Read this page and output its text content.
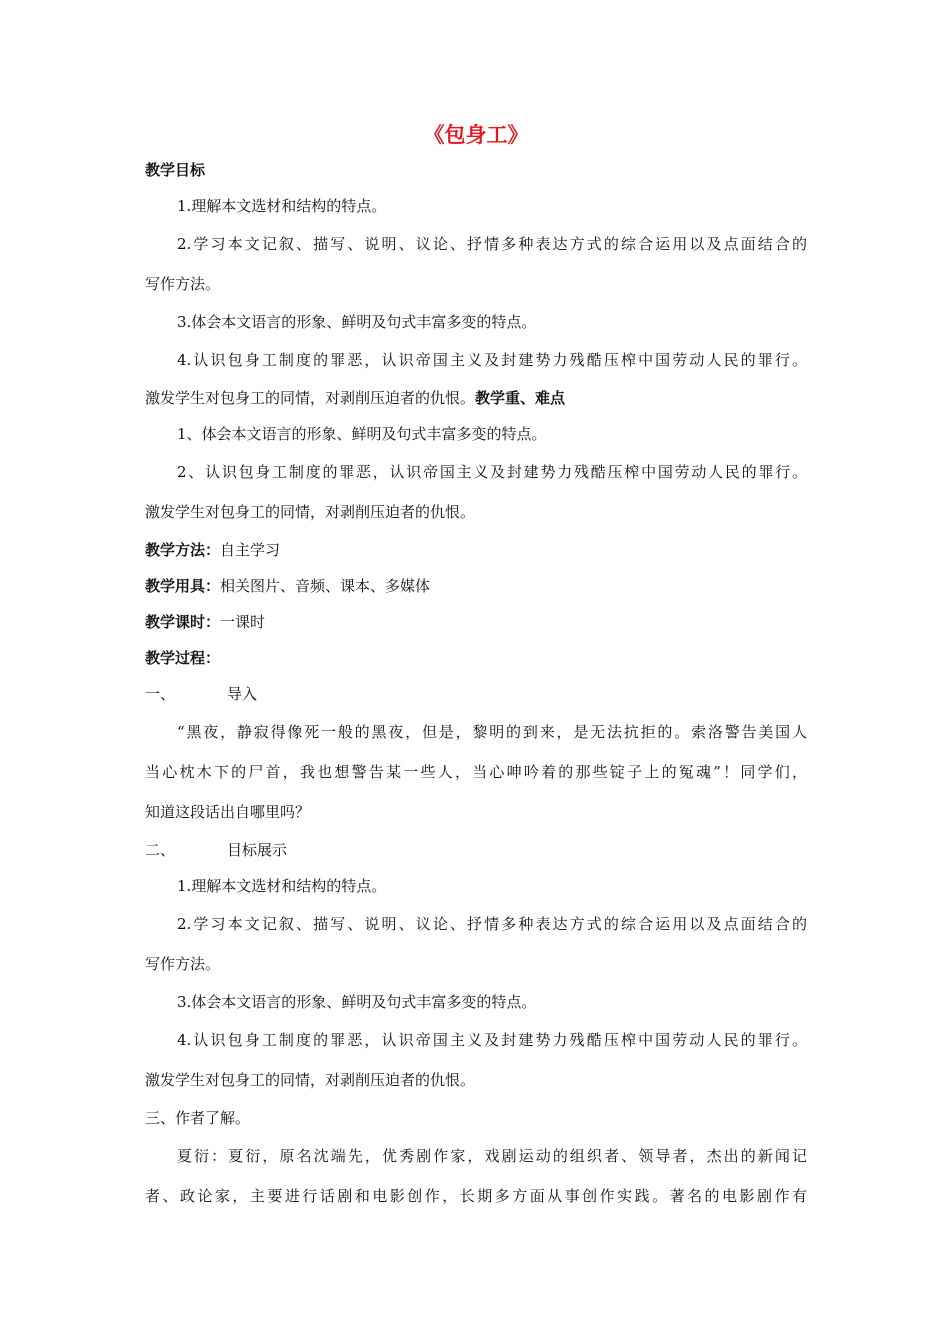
《包身工》
教学目标
1.理解本文选材和结构的特点。
2.学习本文记叙、描写、说明、议论、抒情多种表达方式的综合运用以及点面结合的
写作方法。
3.体会本文语言的形象、鲜明及句式丰富多变的特点。
4.认识包身工制度的罪恶，认识帝国主义及封建势力残酷压榨中国劳动人民的罪行。
激发学生对包身工的同情，对剥削压迫者的仇恨。教学重、难点
1、体会本文语言的形象、鲜明及句式丰富多变的特点。
2、认识包身工制度的罪恶，认识帝国主义及封建势力残酷压榨中国劳动人民的罪行。
激发学生对包身工的同情，对剥削压迫者的仇恨。
教学方法：自主学习
教学用具：相关图片、音频、课本、多媒体
教学课时：一课时
教学过程：
一、	导入
“黑夜，静寂得像死一般的黑夜，但是，黎明的到来，是无法抗拒的。索洛警告美国人
当心枕木下的尸首，我也想警告某一些人，当心呻吟着的那些锭子上的冤魂”！同学们，
知道这段话出自哪里吗？
二、	目标展示
1.理解本文选材和结构的特点。
2.学习本文记叙、描写、说明、议论、抒情多种表达方式的综合运用以及点面结合的
写作方法。
3.体会本文语言的形象、鲜明及句式丰富多变的特点。
4.认识包身工制度的罪恶，认识帝国主义及封建势力残酷压榨中国劳动人民的罪行。
激发学生对包身工的同情，对剥削压迫者的仇恨。
三、作者了解。
夏衍：夏衍，原名沈端先，优秀剧作家，戏剧运动的组织者、领导者，杰出的新闻记
者、政论家，主要进行话剧和电影创作，长期多方面从事创作实践。著名的电影剧作有
